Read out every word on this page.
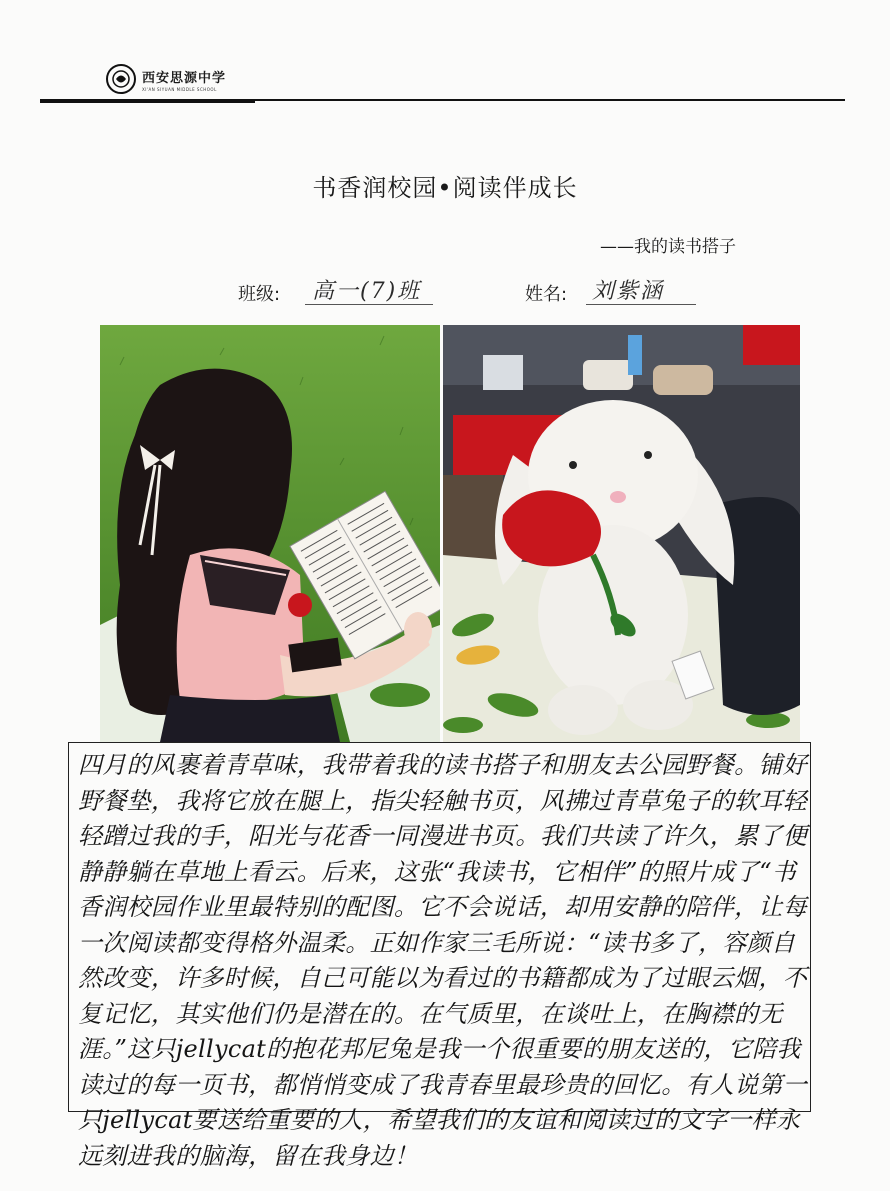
西安思源中学
XI'AN SIYUAN MIDDLE SCHOOL
书香润校园•阅读伴成长
——我的读书搭子
班级: 高一(7)班	姓名: 刘紫涵

四月的风裹着青草味，我带着我的读书搭子和朋友去公园野餐。铺好野餐垫，我将它放在腿上，指尖轻触书页，风拂过青草兔子的软耳轻轻蹭过我的手，阳光与花香一同漫进书页。我们共读了许久，累了便静静躺在草地上看云。后来，这张“我读书，它相伴”的照片成了“书香润校园作业里最特别的配图。它不会说话，却用安静的陪伴，让每一次阅读都变得格外温柔。正如作家三毛所说：“读书多了，容颜自然改变，许多时候，自己可能以为看过的书籍都成为了过眼云烟，不复记忆，其实他们仍是潜在的。在气质里，在谈吐上，在胸襟的无涯。”这只jellycat的抱花邦尼兔是我一个很重要的朋友送的，它陪我读过的每一页书，都悄悄变成了我青春里最珍贵的回忆。有人说第一只jellycat要送给重要的人，希望我们的友谊和阅读过的文字一样永远刻进我的脑海，留在我身边！
